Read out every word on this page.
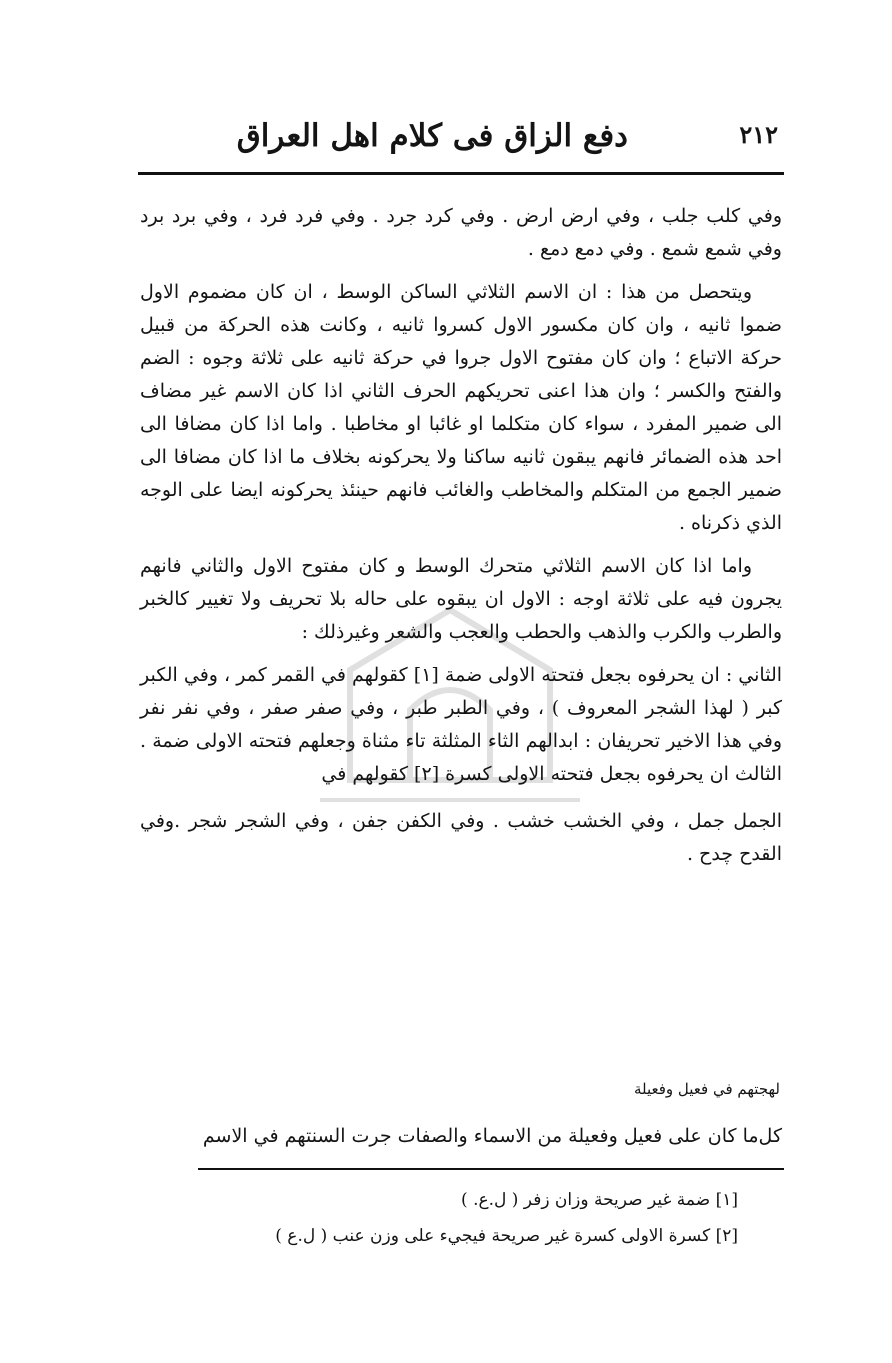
۲۱۲
دفع الزاق فی کلام اهل العراق

وفي كلب جلب ، وفي ارض ارض . وفي كرد جرد . وفي فرد فرد ، وفي برد برد وفي شمع شمع . وفي دمع دمع .

ويتحصل من هذا : ان الاسم الثلاثي الساكن الوسط ، ان كان مضموم الاول ضموا ثانيه ، وان كان مكسور الاول كسروا ثانيه ، وكانت هذه الحركة من قبيل حركة الاتباع ؛ وان كان مفتوح الاول جروا في حركة ثانيه على ثلاثة وجوه : الضم والفتح والكسر ؛ وان هذا اعنى تحريكهم الحرف الثاني اذا كان الاسم غير مضاف الى ضمير المفرد ، سواء كان متكلما او غائبا او مخاطبا . واما اذا كان مضافا الى احد هذه الضمائر فانهم يبقون ثانيه ساكنا ولا يحركونه بخلاف ما اذا كان مضافا الى ضمير الجمع من المتكلم والمخاطب والغائب فانهم حينئذ يحركونه ايضا على الوجه الذي ذكرناه .

واما اذا كان الاسم الثلاثي متحرك الوسط و كان مفتوح الاول والثاني فانهم يجرون فيه على ثلاثة اوجه : الاول ان يبقوه على حاله بلا تحريف ولا تغيير كالخبر والطرب والكرب والذهب والحطب والعجب والشعر وغيرذلك :

الثاني : ان يحرفوه بجعل فتحته الاولى ضمة [۱] كقولهم في القمر كمر ، وفي الكبر كبر ( لهذا الشجر المعروف ) ، وفي الطبر طبر ، وفي صفر صفر ، وفي نفر نفر وفي هذا الاخير تحريفان : ابدالهم الثاء المثلثة تاء مثناة وجعلهم فتحته الاولى ضمة . الثالث ان يحرفوه بجعل فتحته الاولى كسرة [۲] كقولهم في

الجمل جمل ، وفي الخشب خشب . وفي الكفن جفن ، وفي الشجر شجر .وفي القدح چدح .

لهجتهم في فعيل وفعيلة
كل‌ما كان على فعيل وفعيلة من الاسماء والصفات جرت السنتهم في الاسم

[۱] ضمة غير صريحة وزان زفر ( ل.ع. )

[۲] كسرة الاولى كسرة غير صريحة فيجيء على وزن عنب ( ل.ع )
